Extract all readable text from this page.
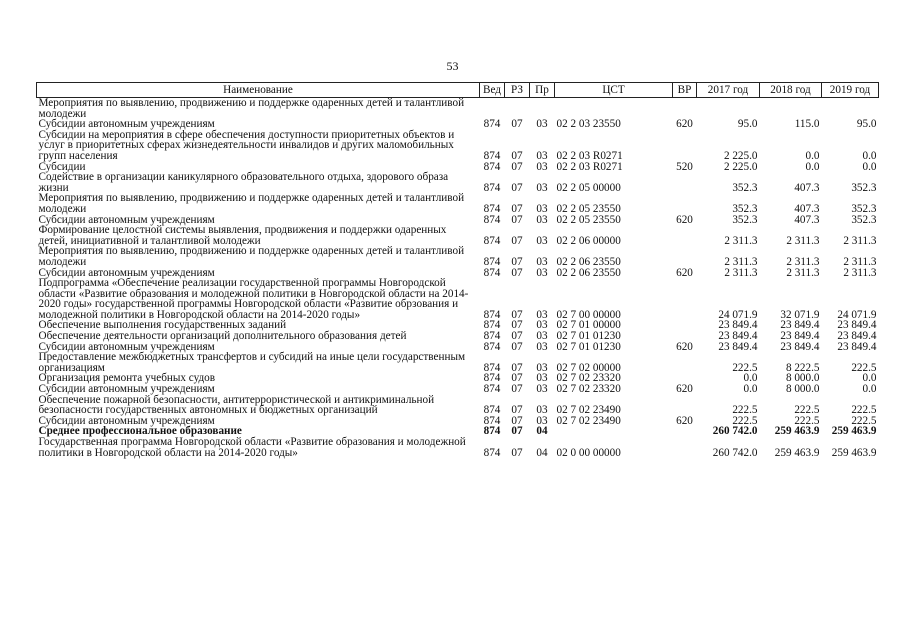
53
Наименование	Вед	РЗ	Пр	ЦСТ	ВР	2017 год	2018 год	2019 год
Мероприятия по выявлению, продвижению и поддержке одаренных детей и талантливой молодежи								
Субсидии автономным учреждениям	874	07	03	02 2 03 23550	620	95.0	115.0	95.0
Субсидии на мероприятия в сфере обеспечения доступности приоритетных объектов и услуг в приоритетных сферах жизнедеятельности инвалидов и других маломобильных групп населения	874	07	03	02 2 03 R0271		2 225.0	0.0	0.0
Субсидии	874	07	03	02 2 03 R0271	520	2 225.0	0.0	0.0
Содействие в организации каникулярного образовательного отдыха, здорового образа жизни	874	07	03	02 2 05 00000		352.3	407.3	352.3
Мероприятия по выявлению, продвижению и поддержке одаренных детей и талантливой молодежи	874	07	03	02 2 05 23550		352.3	407.3	352.3
Субсидии автономным учреждениям	874	07	03	02 2 05 23550	620	352.3	407.3	352.3
Формирование целостной системы выявления, продвижения и поддержки одаренных детей, инициативной и талантливой молодежи	874	07	03	02 2 06 00000		2 311.3	2 311.3	2 311.3
Мероприятия по выявлению, продвижению и поддержке одаренных детей и талантливой молодежи	874	07	03	02 2 06 23550		2 311.3	2 311.3	2 311.3
Субсидии автономным учреждениям	874	07	03	02 2 06 23550	620	2 311.3	2 311.3	2 311.3
Подпрограмма «Обеспечение реализации государственной программы Новгородской области «Развитие образования и молодежной политики в Новгородской области на 2014-2020 годы» государственной программы Новгородской области «Развитие обрзования и молодежной политики в Новгородской области на 2014-2020 годы»	874	07	03	02 7 00 00000		24 071.9	32 071.9	24 071.9
Обеспечение выполнения государственных заданий	874	07	03	02 7 01 00000		23 849.4	23 849.4	23 849.4
Обеспечение деятельности организаций дополнительного образования детей	874	07	03	02 7 01 01230		23 849.4	23 849.4	23 849.4
Субсидии автономным учреждениям	874	07	03	02 7 01 01230	620	23 849.4	23 849.4	23 849.4
Предоставление межбюджетных трансфертов и субсидий на иные цели государственным организациям	874	07	03	02 7 02 00000		222.5	8 222.5	222.5
Организация ремонта учебных судов	874	07	03	02 7 02 23320		0.0	8 000.0	0.0
Субсидии автономным учреждениям	874	07	03	02 7 02 23320	620	0.0	8 000.0	0.0
Обеспечение пожарной безопасности, антитеррористической и антикриминальной безопасности государственных автономных и бюджетных организаций	874	07	03	02 7 02 23490		222.5	222.5	222.5
Субсидии автономным учреждениям	874	07	03	02 7 02 23490	620	222.5	222.5	222.5
Среднее профессиональное образование	874	07	04			260 742.0	259 463.9	259 463.9
Государственная программа Новгородской области «Развитие образования и молодежной политики в Новгородской области на 2014-2020 годы»	874	07	04	02 0 00 00000		260 742.0	259 463.9	259 463.9
